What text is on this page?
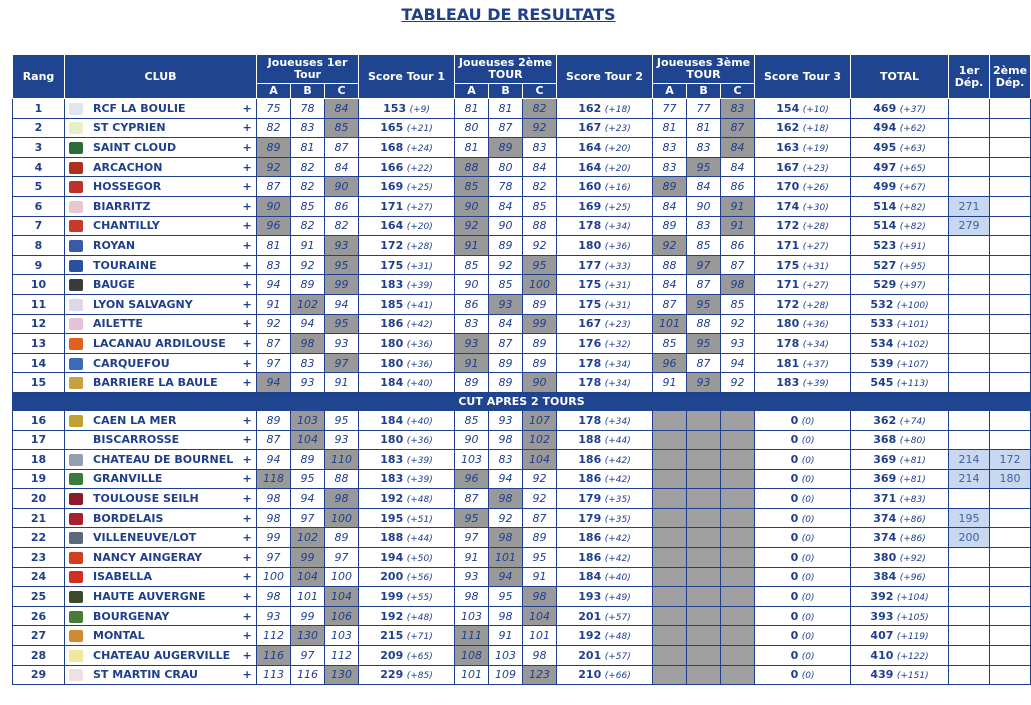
TABLEAU DE RESULTATS
Rang	CLUB		Joueuses 1er Tour			Score Tour 1	Joueuses 2ème TOUR			Score Tour 2	Joueuses 3ème TOUR			Score Tour 3	TOTAL	1er Dép.	2ème Dép.
			A	B	C		A	B	C		A	B	C				
1	RCF LA BOULIE	+	75	78	84	153 (+9)	81	81	82	162 (+18)	77	77	83	154 (+10)	469 (+37)		
2	ST CYPRIEN	+	82	83	85	165 (+21)	80	87	92	167 (+23)	81	81	87	162 (+18)	494 (+62)		
3	SAINT CLOUD	+	89	81	87	168 (+24)	81	89	83	164 (+20)	83	83	84	163 (+19)	495 (+63)		
4	ARCACHON	+	92	82	84	166 (+22)	88	80	84	164 (+20)	83	95	84	167 (+23)	497 (+65)		
5	HOSSEGOR	+	87	82	90	169 (+25)	85	78	82	160 (+16)	89	84	86	170 (+26)	499 (+67)		
6	BIARRITZ	+	90	85	86	171 (+27)	90	84	85	169 (+25)	84	90	91	174 (+30)	514 (+82)	271	
7	CHANTILLY	+	96	82	82	164 (+20)	92	90	88	178 (+34)	89	83	91	172 (+28)	514 (+82)	279	
8	ROYAN	+	81	91	93	172 (+28)	91	89	92	180 (+36)	92	85	86	171 (+27)	523 (+91)		
9	TOURAINE	+	83	92	95	175 (+31)	85	92	95	177 (+33)	88	97	87	175 (+31)	527 (+95)		
10	BAUGE	+	94	89	99	183 (+39)	90	85	100	175 (+31)	84	87	98	171 (+27)	529 (+97)		
11	LYON SALVAGNY	+	91	102	94	185 (+41)	86	93	89	175 (+31)	87	95	85	172 (+28)	532 (+100)		
12	AILETTE	+	92	94	95	186 (+42)	83	84	99	167 (+23)	101	88	92	180 (+36)	533 (+101)		
13	LACANAU ARDILOUSE	+	87	98	93	180 (+36)	93	87	89	176 (+32)	85	95	93	178 (+34)	534 (+102)		
14	CARQUEFOU	+	97	83	97	180 (+36)	91	89	89	178 (+34)	96	87	94	181 (+37)	539 (+107)		
15	BARRIERE LA BAULE	+	94	93	91	184 (+40)	89	89	90	178 (+34)	91	93	92	183 (+39)	545 (+113)		
CUT APRES 2 TOURS																	
16	CAEN LA MER	+	89	103	95	184 (+40)	85	93	107	178 (+34)				0 (0)	362 (+74)		
17	BISCARROSSE	+	87	104	93	180 (+36)	90	98	102	188 (+44)				0 (0)	368 (+80)		
18	CHATEAU DE BOURNEL	+	94	89	110	183 (+39)	103	83	104	186 (+42)				0 (0)	369 (+81)	214	172
19	GRANVILLE	+	118	95	88	183 (+39)	96	94	92	186 (+42)				0 (0)	369 (+81)	214	180
20	TOULOUSE SEILH	+	98	94	98	192 (+48)	87	98	92	179 (+35)				0 (0)	371 (+83)		
21	BORDELAIS	+	98	97	100	195 (+51)	95	92	87	179 (+35)				0 (0)	374 (+86)	195	
22	VILLENEUVE/LOT	+	99	102	89	188 (+44)	97	98	89	186 (+42)				0 (0)	374 (+86)	200	
23	NANCY AINGERAY	+	97	99	97	194 (+50)	91	101	95	186 (+42)				0 (0)	380 (+92)		
24	ISABELLA	+	100	104	100	200 (+56)	93	94	91	184 (+40)				0 (0)	384 (+96)		
25	HAUTE AUVERGNE	+	98	101	104	199 (+55)	98	95	98	193 (+49)				0 (0)	392 (+104)		
26	BOURGENAY	+	93	99	106	192 (+48)	103	98	104	201 (+57)				0 (0)	393 (+105)		
27	MONTAL	+	112	130	103	215 (+71)	111	91	101	192 (+48)				0 (0)	407 (+119)		
28	CHATEAU AUGERVILLE	+	116	97	112	209 (+65)	108	103	98	201 (+57)				0 (0)	410 (+122)		
29	ST MARTIN CRAU	+	113	116	130	229 (+85)	101	109	123	210 (+66)				0 (0)	439 (+151)		
